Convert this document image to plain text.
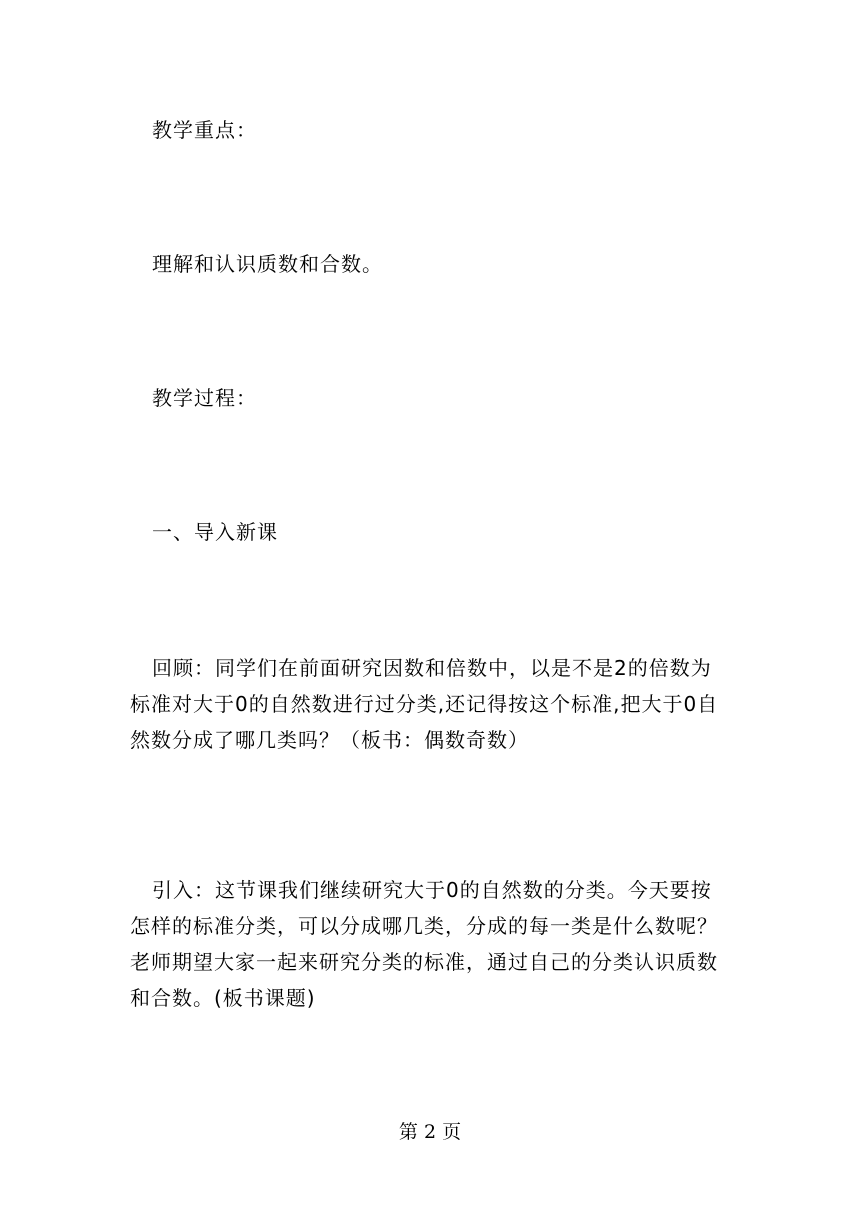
教学重点：

理解和认识质数和合数。

教学过程：

一、导入新课

回顾：同学们在前面研究因数和倍数中，以是不是2的倍数为标准对大于0的自然数进行过分类,还记得按这个标准,把大于0自然数分成了哪几类吗？（板书：偶数奇数）

引入：这节课我们继续研究大于0的自然数的分类。今天要按怎样的标准分类，可以分成哪几类，分成的每一类是什么数呢？老师期望大家一起来研究分类的标准，通过自己的分类认识质数和合数。(板书课题)

第 2 页
